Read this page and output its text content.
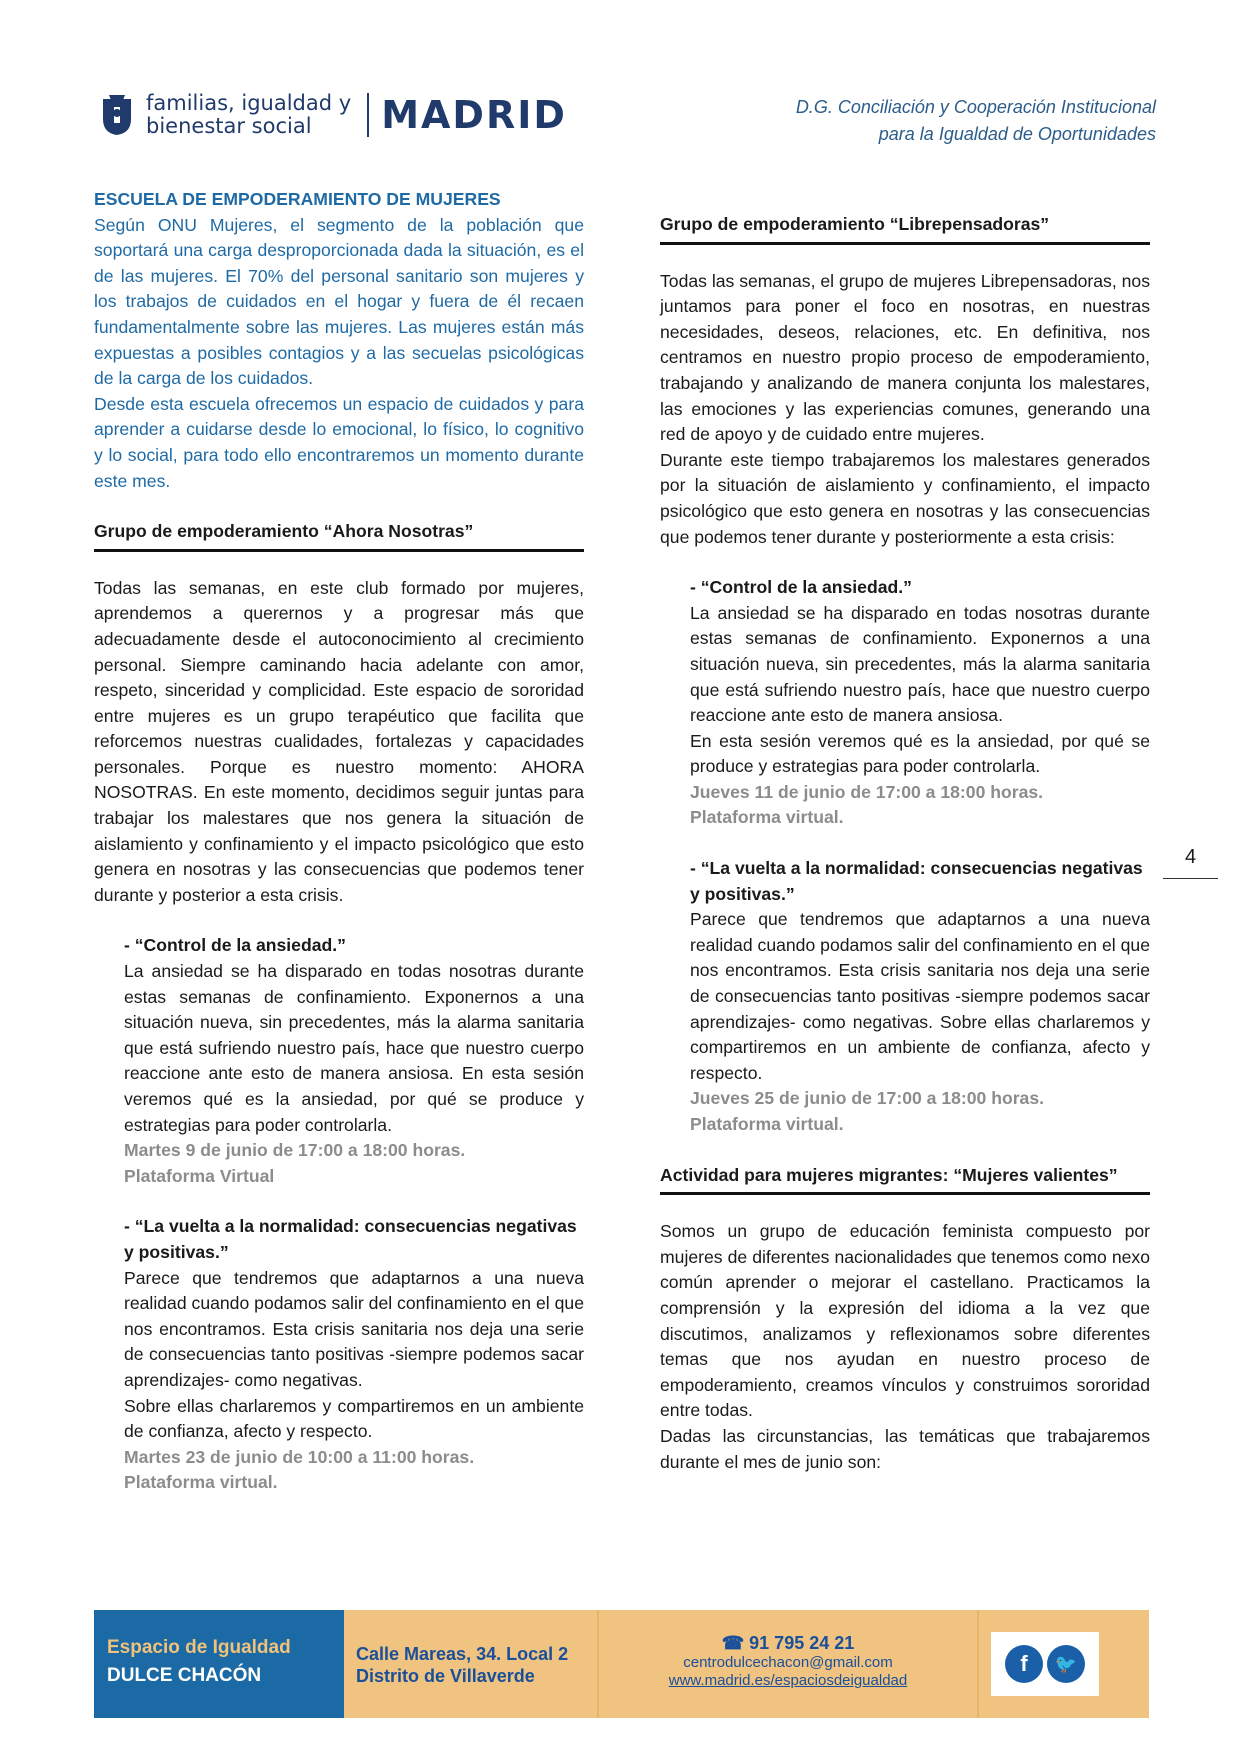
familias, igualdad y
bienestar social	MADRID	D.G. Conciliación y Cooperación Institucional
para la Igualdad de Oportunidades

ESCUELA DE EMPODERAMIENTO DE MUJERES

Según ONU Mujeres, el segmento de la población que soportará una carga desproporcionada dada la situación, es el de las mujeres. El 70% del personal sanitario son mujeres y los trabajos de cuidados en el hogar y fuera de él recaen fundamentalmente sobre las mujeres. Las mujeres están más expuestas a posibles contagios y a las secuelas psicológicas de la carga de los cuidados.

Desde esta escuela ofrecemos un espacio de cuidados y para aprender a cuidarse desde lo emocional, lo físico, lo cognitivo y lo social, para todo ello encontraremos un momento durante este mes.

Grupo de empoderamiento “Ahora Nosotras”

Todas las semanas, en este club formado por mujeres, aprendemos a querernos y a progresar más que adecuadamente desde el autoconocimiento al crecimiento personal. Siempre caminando hacia adelante con amor, respeto, sinceridad y complicidad. Este espacio de sororidad entre mujeres es un grupo terapéutico que facilita que reforcemos nuestras cualidades, fortalezas y capacidades personales. Porque es nuestro momento: AHORA NOSOTRAS. En este momento, decidimos seguir juntas para trabajar los malestares que nos genera la situación de aislamiento y confinamiento y el impacto psicológico que esto genera en nosotras y las consecuencias que podemos tener durante y posterior a esta crisis.

- “Control de la ansiedad.”

La ansiedad se ha disparado en todas nosotras durante estas semanas de confinamiento. Exponernos a una situación nueva, sin precedentes, más la alarma sanitaria que está sufriendo nuestro país, hace que nuestro cuerpo reaccione ante esto de manera ansiosa. En esta sesión veremos qué es la ansiedad, por qué se produce y estrategias para poder controlarla.

Martes 9 de junio de 17:00 a 18:00 horas.

Plataforma Virtual

- “La vuelta a la normalidad: consecuencias negativas y positivas.”

Parece que tendremos que adaptarnos a una nueva realidad cuando podamos salir del confinamiento en el que nos encontramos. Esta crisis sanitaria nos deja una serie de consecuencias tanto positivas -siempre podemos sacar aprendizajes- como negativas.

Sobre ellas charlaremos y compartiremos en un ambiente de confianza, afecto y respecto.

Martes 23 de junio de 10:00 a 11:00 horas.

Plataforma virtual.

Grupo de empoderamiento “Librepensadoras”

Todas las semanas, el grupo de mujeres Librepensadoras, nos juntamos para poner el foco en nosotras, en nuestras necesidades, deseos, relaciones, etc. En definitiva, nos centramos en nuestro propio proceso de empoderamiento, trabajando y analizando de manera conjunta los malestares, las emociones y las experiencias comunes, generando una red de apoyo y de cuidado entre mujeres.

Durante este tiempo trabajaremos los malestares generados por la situación de aislamiento y confinamiento, el impacto psicológico que esto genera en nosotras y las consecuencias que podemos tener durante y posteriormente a esta crisis:

- “Control de la ansiedad.”

La ansiedad se ha disparado en todas nosotras durante estas semanas de confinamiento. Exponernos a una situación nueva, sin precedentes, más la alarma sanitaria que está sufriendo nuestro país, hace que nuestro cuerpo reaccione ante esto de manera ansiosa.

En esta sesión veremos qué es la ansiedad, por qué se produce y estrategias para poder controlarla.

Jueves 11 de junio de 17:00 a 18:00 horas.

Plataforma virtual.

- “La vuelta a la normalidad: consecuencias negativas y positivas.”

Parece que tendremos que adaptarnos a una nueva realidad cuando podamos salir del confinamiento en el que nos encontramos. Esta crisis sanitaria nos deja una serie de consecuencias tanto positivas -siempre podemos sacar aprendizajes- como negativas. Sobre ellas charlaremos y compartiremos en un ambiente de confianza, afecto y respecto.

Jueves 25 de junio de 17:00 a 18:00 horas.

Plataforma virtual.

Actividad para mujeres migrantes: “Mujeres valientes”

Somos un grupo de educación feminista compuesto por mujeres de diferentes nacionalidades que tenemos como nexo común aprender o mejorar el castellano. Practicamos la comprensión y la expresión del idioma a la vez que discutimos, analizamos y reflexionamos sobre diferentes temas que nos ayudan en nuestro proceso de empoderamiento, creamos vínculos y construimos sororidad entre todas.

Dadas las circunstancias, las temáticas que trabajaremos durante el mes de junio son:

4
Espacio de Igualdad
DULCE CHACÓN
Calle Mareas, 34. Local 2
Distrito de Villaverde
☎ 91 795 24 21
centrodulcechacon@gmail.com
www.madrid.es/espaciosdeigualdad
f	🐦
